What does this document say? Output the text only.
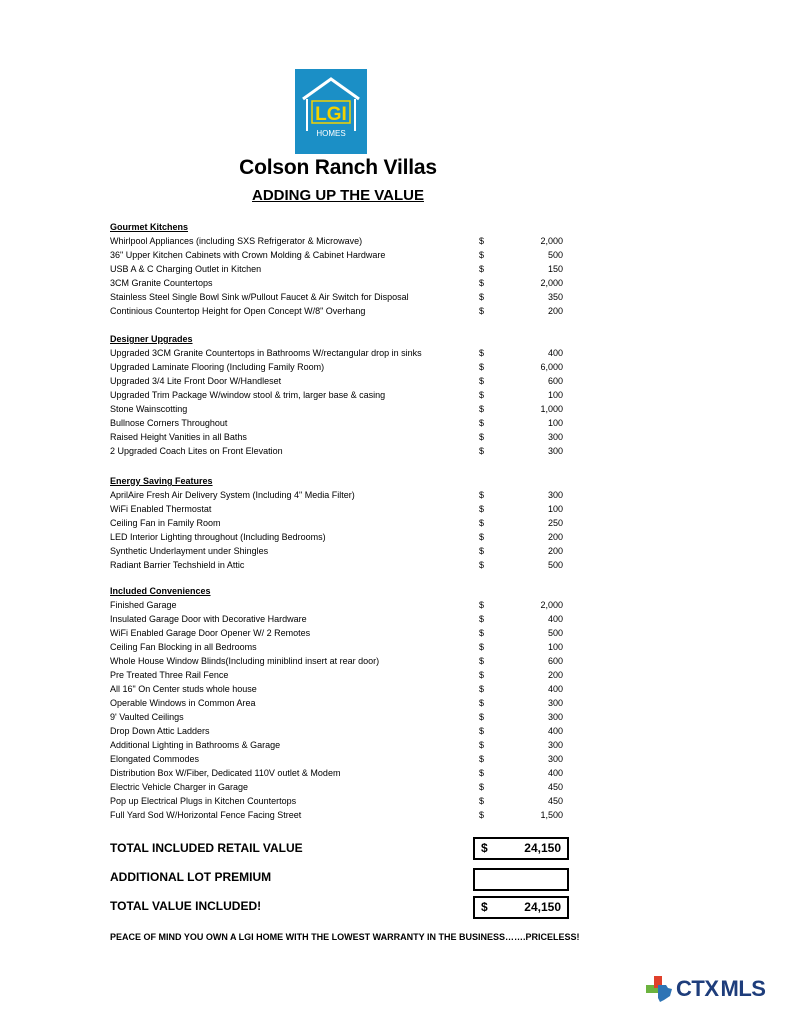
LGI
HOMES
Colson Ranch Villas
ADDING UP THE VALUE
Gourmet Kitchens
Whirlpool Appliances (including SXS Refrigerator & Microwave)	$	2,000
36" Upper Kitchen Cabinets with Crown Molding & Cabinet Hardware	$	500
USB A & C Charging Outlet in Kitchen	$	150
3CM Granite Countertops	$	2,000
Stainless Steel Single Bowl Sink w/Pullout Faucet & Air Switch for Disposal	$	350
Continious Countertop Height for Open Concept W/8" Overhang	$	200
Designer Upgrades
Upgraded 3CM Granite Countertops in Bathrooms W/rectangular drop in sinks	$	400
Upgraded Laminate Flooring (Including Family Room)	$	6,000
Upgraded 3/4 Lite Front Door W/Handleset	$	600
Upgraded Trim Package W/window stool & trim, larger base & casing	$	100
Stone Wainscotting	$	1,000
Bullnose Corners Throughout	$	100
Raised Height Vanities in all Baths	$	300
2 Upgraded Coach Lites on Front Elevation	$	300
Energy Saving Features
AprilAire Fresh Air Delivery System (Including 4" Media Filter)	$	300
WiFi Enabled Thermostat	$	100
Ceiling Fan in Family Room	$	250
LED Interior Lighting throughout (Including Bedrooms)	$	200
Synthetic Underlayment under Shingles	$	200
Radiant Barrier Techshield in Attic	$	500
Included Conveniences
Finished Garage	$	2,000
Insulated Garage Door with Decorative Hardware	$	400
WiFi Enabled Garage Door Opener W/ 2 Remotes	$	500
Ceiling Fan Blocking in all Bedrooms	$	100
Whole House Window Blinds(Including miniblind insert at rear door)	$	600
Pre Treated Three Rail Fence	$	200
All 16" On Center studs whole house	$	400
Operable Windows in Common Area	$	300
9' Vaulted Ceilings	$	300
Drop Down Attic Ladders	$	400
Additional Lighting in Bathrooms & Garage	$	300
Elongated Commodes	$	300
Distribution Box W/Fiber, Dedicated 110V outlet & Modem	$	400
Electric Vehicle Charger in Garage	$	450
Pop up Electrical Plugs in Kitchen Countertops	$	450
Full Yard Sod W/Horizontal Fence Facing Street	$	1,500
TOTAL INCLUDED RETAIL VALUE	$	24,150
ADDITIONAL LOT PREMIUM
TOTAL VALUE INCLUDED!	$	24,150
PEACE OF MIND YOU OWN A LGI HOME WITH THE LOWEST WARRANTY IN THE BUSINESS…….PRICELESS!
CTX MLS
